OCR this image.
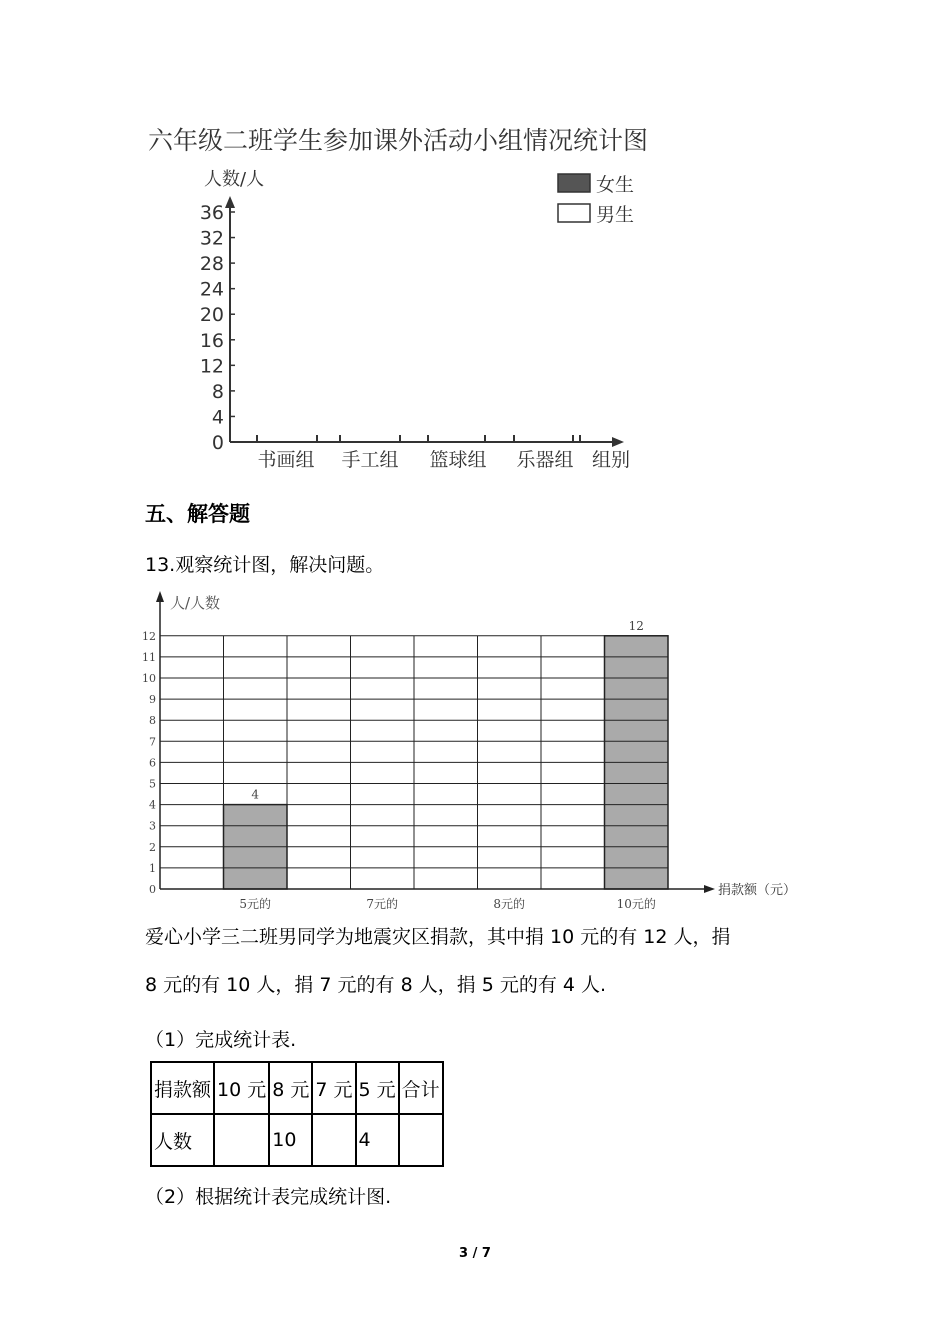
六年级二班学生参加课外活动小组情况统计图
人数/人	女生
男生
0
4
8
12
16
20
24
28
32
36
书画组 手工组 篮球组 乐器组 组别
五、解答题
13.观察统计图，解决问题。
4
5元的	7元的	8元的
12
10元的
0
1
2
3
4
5
6
7
8
9
10
11
12
人/人数
捐款额（元）
爱心小学三二班男同学为地震灾区捐款，其中捐 10 元的有 12 人，捐
8 元的有 10 人，捐 7 元的有 8 人，捐 5 元的有 4 人.
（1）完成统计表.
捐款额	10 元	8 元	7 元	5 元	合计
人数		10		4	
（2）根据统计表完成统计图.
3 / 7
